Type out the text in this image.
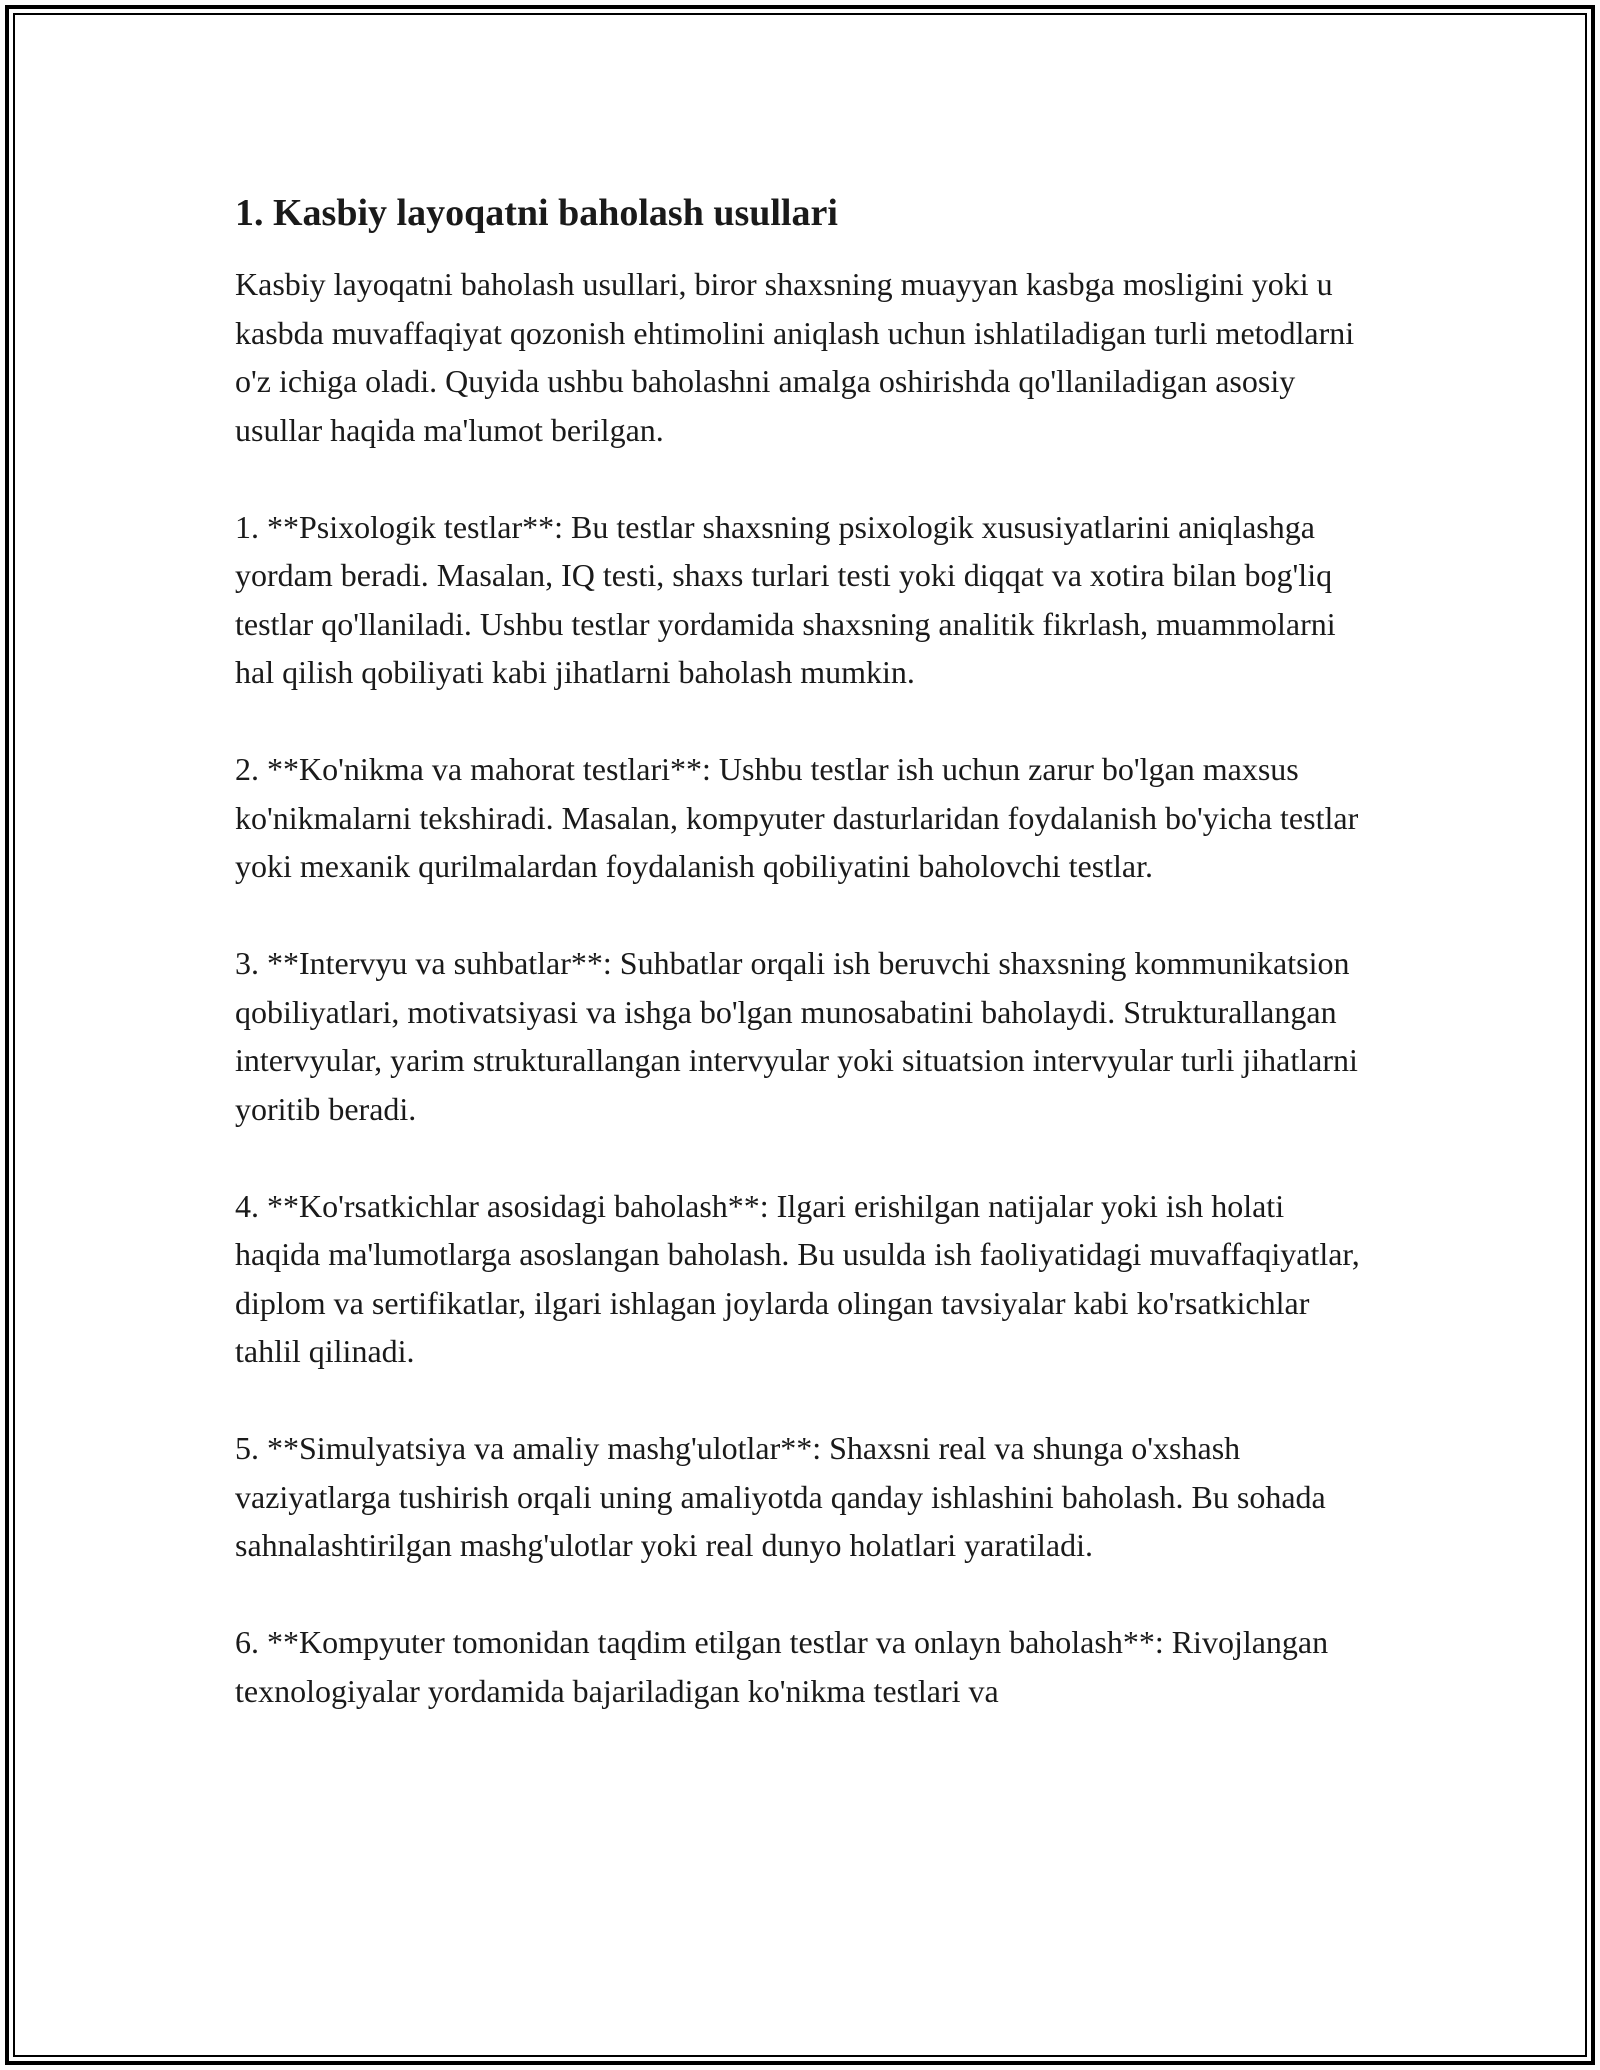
1. Kasbiy layoqatni baholash usullari

Kasbiy layoqatni baholash usullari, biror shaxsning muayyan kasbga mosligini yoki u kasbda muvaffaqiyat qozonish ehtimolini aniqlash uchun ishlatiladigan turli metodlarni o'z ichiga oladi. Quyida ushbu baholashni amalga oshirishda qo'llaniladigan asosiy usullar haqida ma'lumot berilgan.

1. **Psixologik testlar**: Bu testlar shaxsning psixologik xususiyatlarini aniqlashga yordam beradi. Masalan, IQ testi, shaxs turlari testi yoki diqqat va xotira bilan bog'liq testlar qo'llaniladi. Ushbu testlar yordamida shaxsning analitik fikrlash, muammolarni hal qilish qobiliyati kabi jihatlarni baholash mumkin.

2. **Ko'nikma va mahorat testlari**: Ushbu testlar ish uchun zarur bo'lgan maxsus ko'nikmalarni tekshiradi. Masalan, kompyuter dasturlaridan foydalanish bo'yicha testlar yoki mexanik qurilmalardan foydalanish qobiliyatini baholovchi testlar.

3. **Intervyu va suhbatlar**: Suhbatlar orqali ish beruvchi shaxsning kommunikatsion qobiliyatlari, motivatsiyasi va ishga bo'lgan munosabatini baholaydi. Strukturallangan intervyular, yarim strukturallangan intervyular yoki situatsion intervyular turli jihatlarni yoritib beradi.

4. **Ko'rsatkichlar asosidagi baholash**: Ilgari erishilgan natijalar yoki ish holati haqida ma'lumotlarga asoslangan baholash. Bu usulda ish faoliyatidagi muvaffaqiyatlar, diplom va sertifikatlar, ilgari ishlagan joylarda olingan tavsiyalar kabi ko'rsatkichlar tahlil qilinadi.

5. **Simulyatsiya va amaliy mashg'ulotlar**: Shaxsni real va shunga o'xshash vaziyatlarga tushirish orqali uning amaliyotda qanday ishlashini baholash. Bu sohada sahnalashtirilgan mashg'ulotlar yoki real dunyo holatlari yaratiladi.

6. **Kompyuter tomonidan taqdim etilgan testlar va onlayn baholash**: Rivojlangan texnologiyalar yordamida bajariladigan ko'nikma testlari va
